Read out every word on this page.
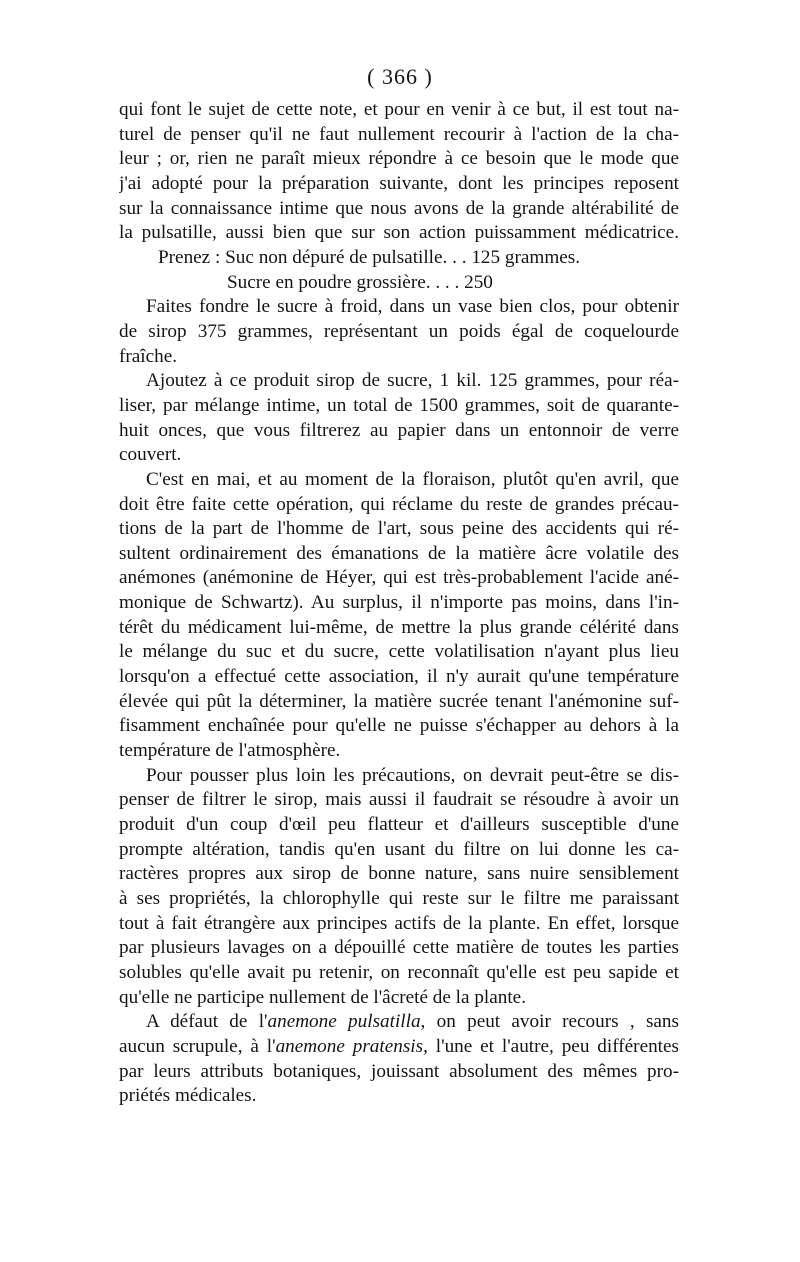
( 366 )

qui font le sujet de cette note, et pour en venir à ce but, il est tout na-
turel de penser qu'il ne faut nullement recourir à l'action de la cha-
leur ; or, rien ne paraît mieux répondre à ce besoin que le mode que
j'ai adopté pour la préparation suivante, dont les principes reposent
sur la connaissance intime que nous avons de la grande altérabilité de
la pulsatille, aussi bien que sur son action puissamment médicatrice.

Prenez : Suc non dépuré de pulsatille. . . 125 grammes.
Sucre en poudre grossière. . . . 250

Faites fondre le sucre à froid, dans un vase bien clos, pour obtenir
de sirop 375 grammes, représentant un poids égal de coquelourde
fraîche.

Ajoutez à ce produit sirop de sucre, 1 kil. 125 grammes, pour réa-
liser, par mélange intime, un total de 1500 grammes, soit de quarante-
huit onces, que vous filtrerez au papier dans un entonnoir de verre
couvert.

C'est en mai, et au moment de la floraison, plutôt qu'en avril, que
doit être faite cette opération, qui réclame du reste de grandes précau-
tions de la part de l'homme de l'art, sous peine des accidents qui ré-
sultent ordinairement des émanations de la matière âcre volatile des
anémones (anémonine de Héyer, qui est très-probablement l'acide ané-
monique de Schwartz). Au surplus, il n'importe pas moins, dans l'in-
térêt du médicament lui-même, de mettre la plus grande célérité dans
le mélange du suc et du sucre, cette volatilisation n'ayant plus lieu
lorsqu'on a effectué cette association, il n'y aurait qu'une température
élevée qui pût la déterminer, la matière sucrée tenant l'anémonine suf-
fisamment enchaînée pour qu'elle ne puisse s'échapper au dehors à la
température de l'atmosphère.

Pour pousser plus loin les précautions, on devrait peut-être se dis-
penser de filtrer le sirop, mais aussi il faudrait se résoudre à avoir un
produit d'un coup d'œil peu flatteur et d'ailleurs susceptible d'une
prompte altération, tandis qu'en usant du filtre on lui donne les ca-
ractères propres aux sirop de bonne nature, sans nuire sensiblement
à ses propriétés, la chlorophylle qui reste sur le filtre me paraissant
tout à fait étrangère aux principes actifs de la plante. En effet, lorsque
par plusieurs lavages on a dépouillé cette matière de toutes les parties
solubles qu'elle avait pu retenir, on reconnaît qu'elle est peu sapide et
qu'elle ne participe nullement de l'âcreté de la plante.

A défaut de l'anemone pulsatilla, on peut avoir recours , sans
aucun scrupule, à l'anemone pratensis, l'une et l'autre, peu différentes
par leurs attributs botaniques, jouissant absolument des mêmes pro-
priétés médicales.
